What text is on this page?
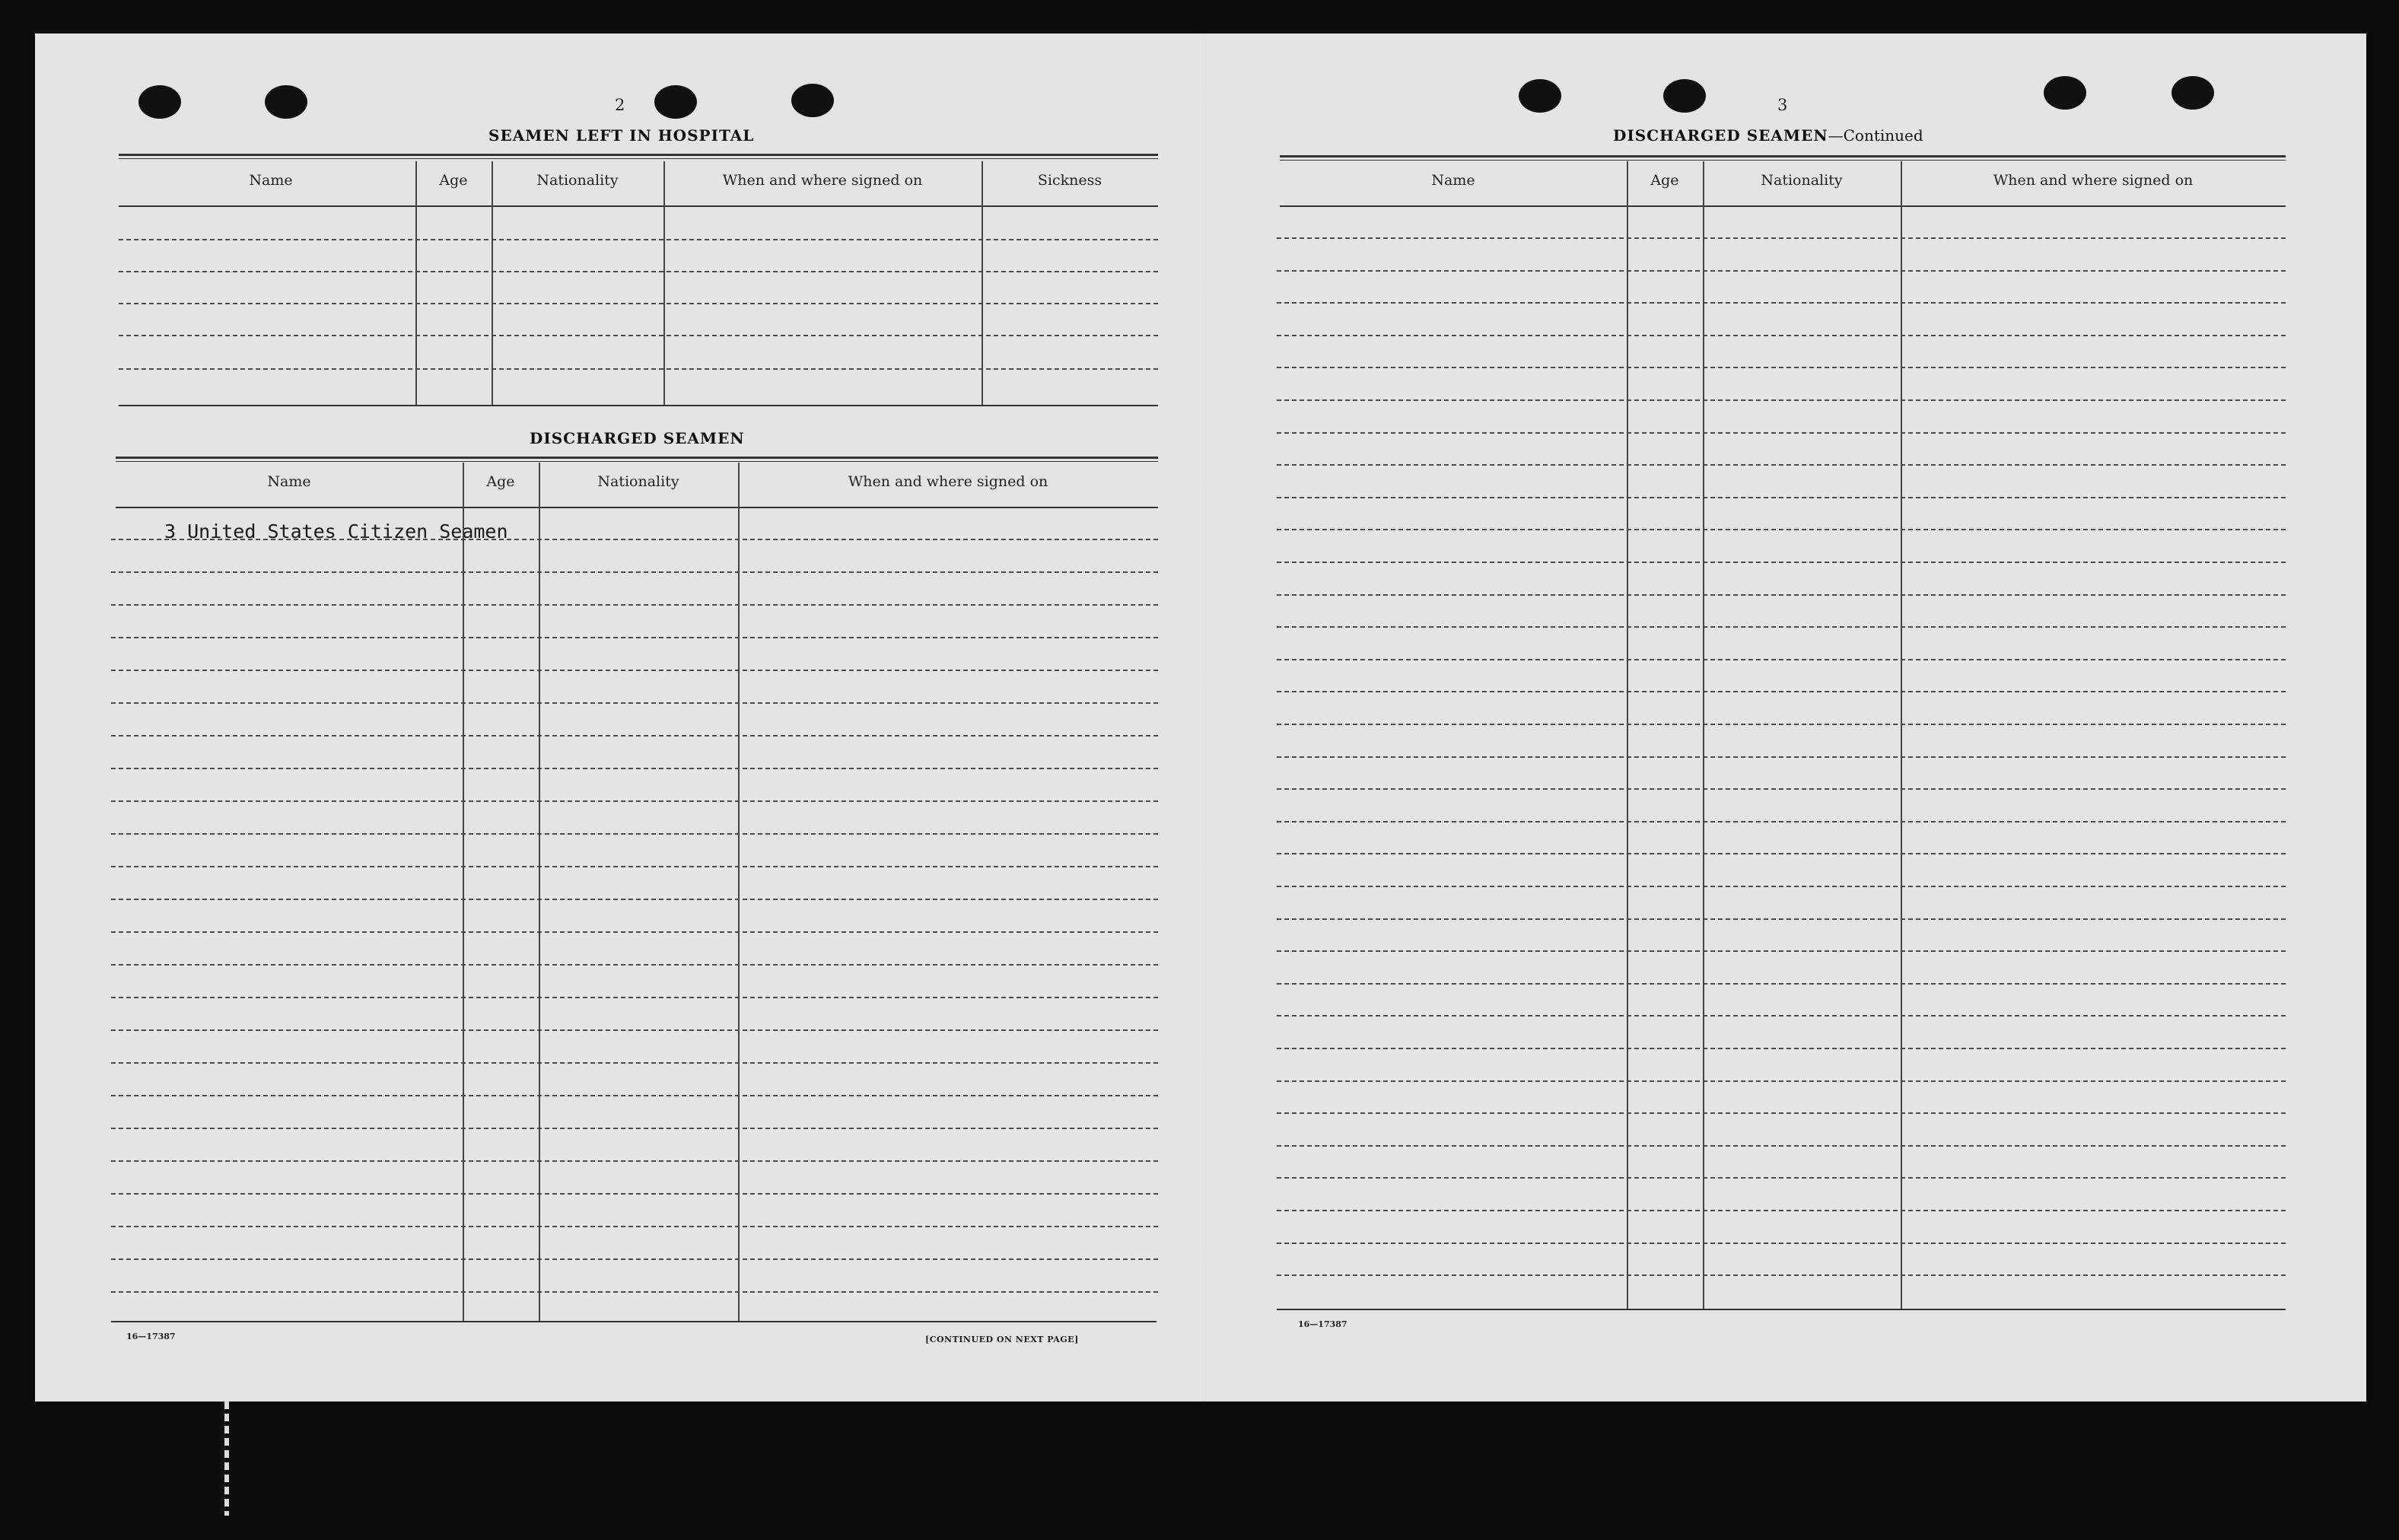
2
SEAMEN LEFT IN HOSPITAL
Name	Age	Nationality	When and where signed on	Sickness
DISCHARGED SEAMEN
Name	Age	Nationality	When and where signed on
3 United States Citizen Seamen
16—17387	[CONTINUED ON NEXT PAGE]
3
DISCHARGED SEAMEN—Continued
Name	Age	Nationality	When and where signed on
16—17387
